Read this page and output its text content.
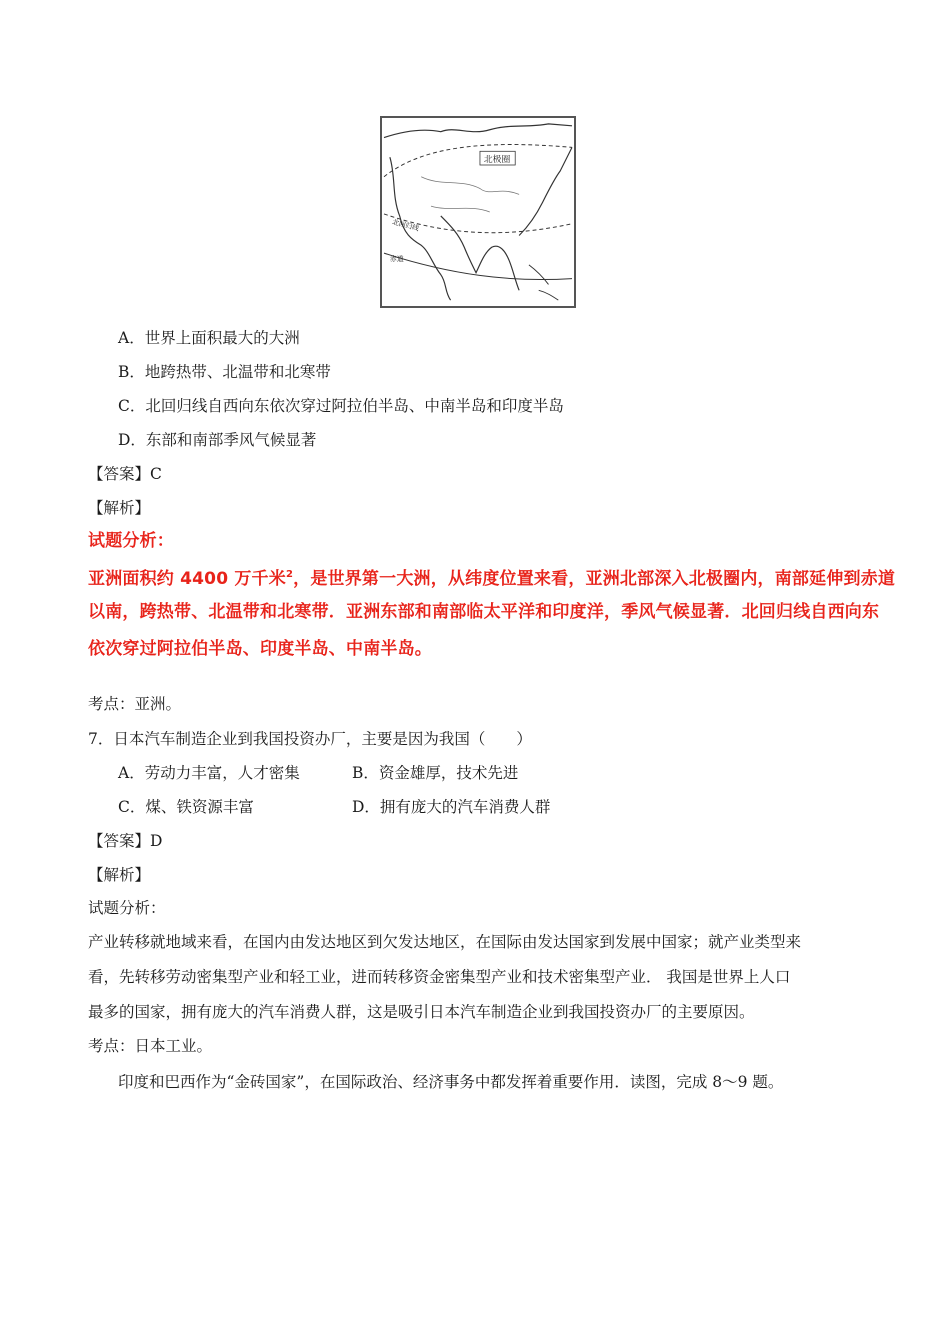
北极圈
北回归线
赤道
A．世界上面积最大的大洲
B．地跨热带、北温带和北寒带
C．北回归线自西向东依次穿过阿拉伯半岛、中南半岛和印度半岛
D．东部和南部季风气候显著
【答案】C
【解析】
试题分析：
亚洲面积约 4400 万千米$^2$，是世界第一大洲，从纬度位置来看，亚洲北部深入北极圈内，南部延伸到赤道
以南，跨热带、北温带和北寒带．亚洲东部和南部临太平洋和印度洋，季风气候显著．北回归线自西向东
依次穿过阿拉伯半岛、印度半岛、中南半岛。
考点：亚洲。
7．日本汽车制造企业到我国投资办厂，主要是因为我国（　　）
A．劳动力丰富，人才密集	B．资金雄厚，技术先进
C．煤、铁资源丰富	D．拥有庞大的汽车消费人群
【答案】D
【解析】
试题分析：
产业转移就地域来看，在国内由发达地区到欠发达地区，在国际由发达国家到发展中国家；就产业类型来
看，先转移劳动密集型产业和轻工业，进而转移资金密集型产业和技术密集型产业． 我国是世界上人口
最多的国家，拥有庞大的汽车消费人群，这是吸引日本汽车制造企业到我国投资办厂的主要原因。
考点：日本工业。
印度和巴西作为“金砖国家”，在国际政治、经济事务中都发挥着重要作用．读图，完成 8～9 题。
